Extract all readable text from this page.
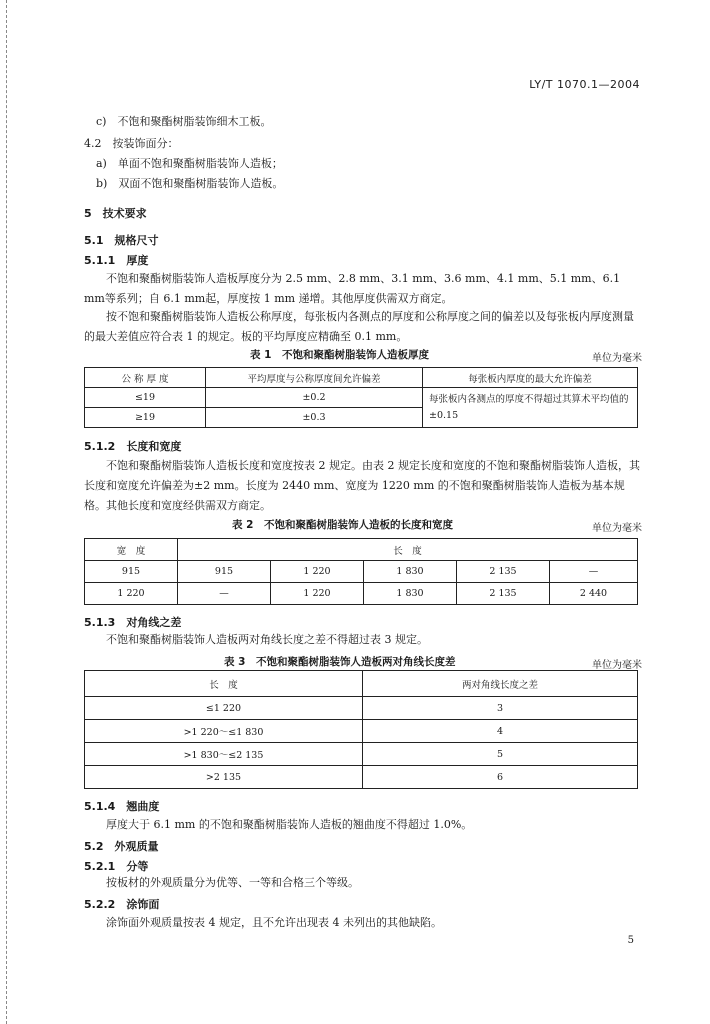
LY/T 1070.1—2004
c)　不饱和聚酯树脂装饰细木工板。
4.2　按装饰面分：
a)　单面不饱和聚酯树脂装饰人造板；
b)　双面不饱和聚酯树脂装饰人造板。
5　技术要求
5.1　规格尺寸
5.1.1　 厚度
不饱和聚酯树脂装饰人造板厚度分为 2.5 mm、2.8 mm、3.1 mm、3.6 mm、4.1 mm、5.1 mm、6.1 mm等系列；自 6.1 mm起，厚度按 1 mm 递增。其他厚度供需双方商定。
按不饱和聚酯树脂装饰人造板公称厚度，每张板内各测点的厚度和公称厚度之间的偏差以及每张板内厚度测量的最大差值应符合表 1 的规定。板的平均厚度应精确至 0.1 mm。
表 1　不饱和聚酯树脂装饰人造板厚度	单位为毫米
公 称 厚 度	平均厚度与公称厚度间允许偏差	每张板内厚度的最大允许偏差
≤19	±0.2	每张板内各测点的厚度不得超过其算术平均值的±0.15
≥19	±0.3	
5.1.2　 长度和宽度
不饱和聚酯树脂装饰人造板长度和宽度按表 2 规定。由表 2 规定长度和宽度的不饱和聚酯树脂装饰人造板，其长度和宽度允许偏差为±2 mm。长度为 2440 mm、宽度为 1220 mm 的不饱和聚酯树脂装饰人造板为基本规格。其他长度和宽度经供需双方商定。
表 2　不饱和聚酯树脂装饰人造板的长度和宽度	单位为毫米
宽　度	长　度				
915	915	1 220	1 830	2 135	—
1 220	—	1 220	1 830	2 135	2 440
5.1.3　 对角线之差
不饱和聚酯树脂装饰人造板两对角线长度之差不得超过表 3 规定。
表 3　不饱和聚酯树脂装饰人造板两对角线长度差	单位为毫米
长　度	两对角线长度之差
≤1 220	3
>1 220～≤1 830	4
>1 830～≤2 135	5
>2 135	6
5.1.4　 翘曲度
厚度大于 6.1 mm 的不饱和聚酯树脂装饰人造板的翘曲度不得超过 1.0%。
5.2　外观质量
5.2.1　 分等
按板材的外观质量分为优等、一等和合格三个等级。
5.2.2　 涂饰面
涂饰面外观质量按表 4 规定，且不允许出现表 4 未列出的其他缺陷。
5
